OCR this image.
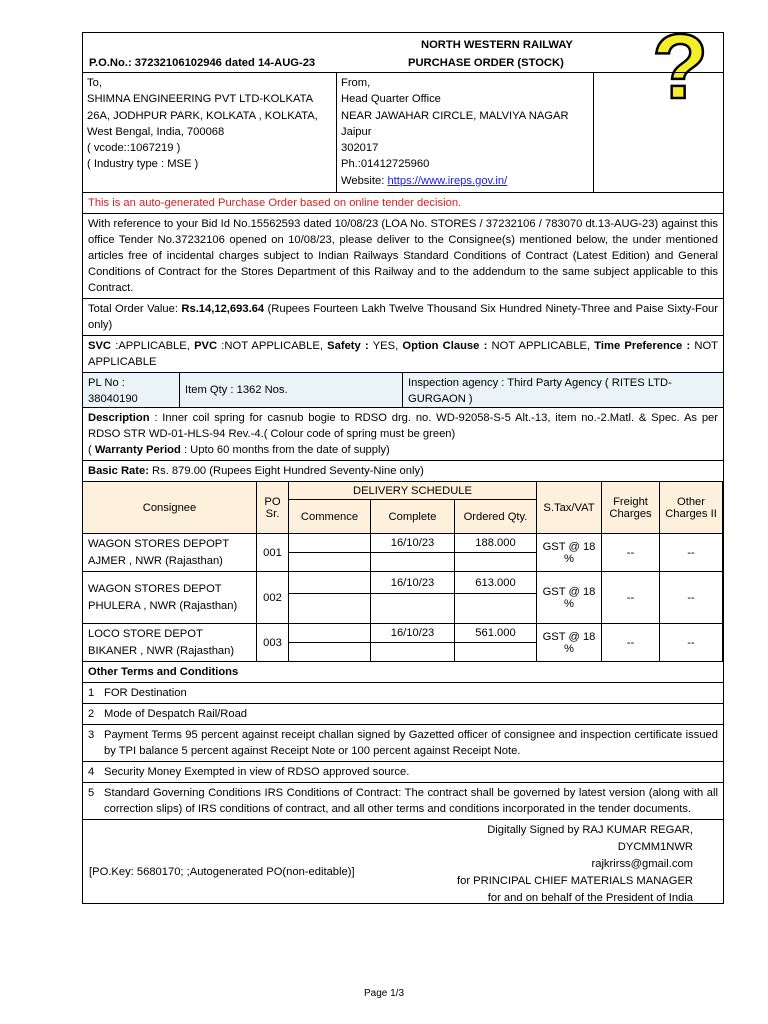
?
NORTH WESTERN RAILWAY
P.O.No.: 37232106102946 dated 14-AUG-23	PURCHASE ORDER (STOCK)
To,
SHIMNA ENGINEERING PVT LTD-KOLKATA
26A, JODHPUR PARK, KOLKATA , KOLKATA,
West Bengal, India, 700068
( vcode::1067219 )
( Industry type : MSE )
From,
Head Quarter Office
NEAR JAWAHAR CIRCLE, MALVIYA NAGAR
Jaipur
302017
Ph.:01412725960
Website: https://www.ireps.gov.in/
This is an auto-generated Purchase Order based on online tender decision.
With reference to your Bid Id No.15562593 dated 10/08/23 (LOA No. STORES / 37232106 / 783070 dt.13-AUG-23) against this office Tender No.37232106 opened on 10/08/23, please deliver to the Consignee(s) mentioned below, the under mentioned articles free of incidental charges subject to Indian Railways Standard Conditions of Contract (Latest Edition) and General Conditions of Contract for the Stores Department of this Railway and to the addendum to the same subject applicable to this Contract.
Total Order Value: Rs.14,12,693.64 (Rupees Fourteen Lakh Twelve Thousand Six Hundred Ninety-Three and Paise Sixty-Four only)
SVC :APPLICABLE, PVC :NOT APPLICABLE, Safety : YES, Option Clause : NOT APPLICABLE, Time Preference : NOT APPLICABLE
PL No :
38040190
Item Qty : 1362 Nos.
Inspection agency : Third Party Agency ( RITES LTD-GURGAON )
Description : Inner coil spring for casnub bogie to RDSO drg. no. WD-92058-S-5 Alt.-13, item no.-2.Matl. & Spec. As per RDSO STR WD-01-HLS-94 Rev.-4.( Colour code of spring must be green)
( Warranty Period : Upto 60 months from the date of supply)
Basic Rate: Rs. 879.00 (Rupees Eight Hundred Seventy-Nine only)
Consignee	PO Sr.	DELIVERY SCHEDULE			S.Tax/VAT	Freight Charges	Other Charges II
		Commence	Complete	Ordered Qty.			
WAGON STORES DEPOPT AJMER , NWR (Rajasthan)	001		16/10/23	188.000	GST @ 18 %	--	--

WAGON STORES DEPOT PHULERA , NWR (Rajasthan)	002		16/10/23	613.000	GST @ 18 %	--	--

LOCO STORE DEPOT BIKANER , NWR (Rajasthan)	003		16/10/23	561.000	GST @ 18 %	--	--

Other Terms and Conditions
1 FOR Destination
2 Mode of Despatch Rail/Road
3 Payment Terms 95 percent against receipt challan signed by Gazetted officer of consignee and inspection certificate issued by TPI balance 5 percent against Receipt Note or 100 percent against Receipt Note.
4 Security Money Exempted in view of RDSO approved source.
5 Standard Governing Conditions IRS Conditions of Contract: The contract shall be governed by latest version (along with all correction slips) of IRS conditions of contract, and all other terms and conditions incorporated in the tender documents.
Digitally Signed by RAJ KUMAR REGAR,
DYCMM1NWR
rajkrirss@gmail.com
for PRINCIPAL CHIEF MATERIALS MANAGER
for and on behalf of the President of India
[PO.Key: 5680170; ;Autogenerated PO(non-editable)]
Page 1/3
